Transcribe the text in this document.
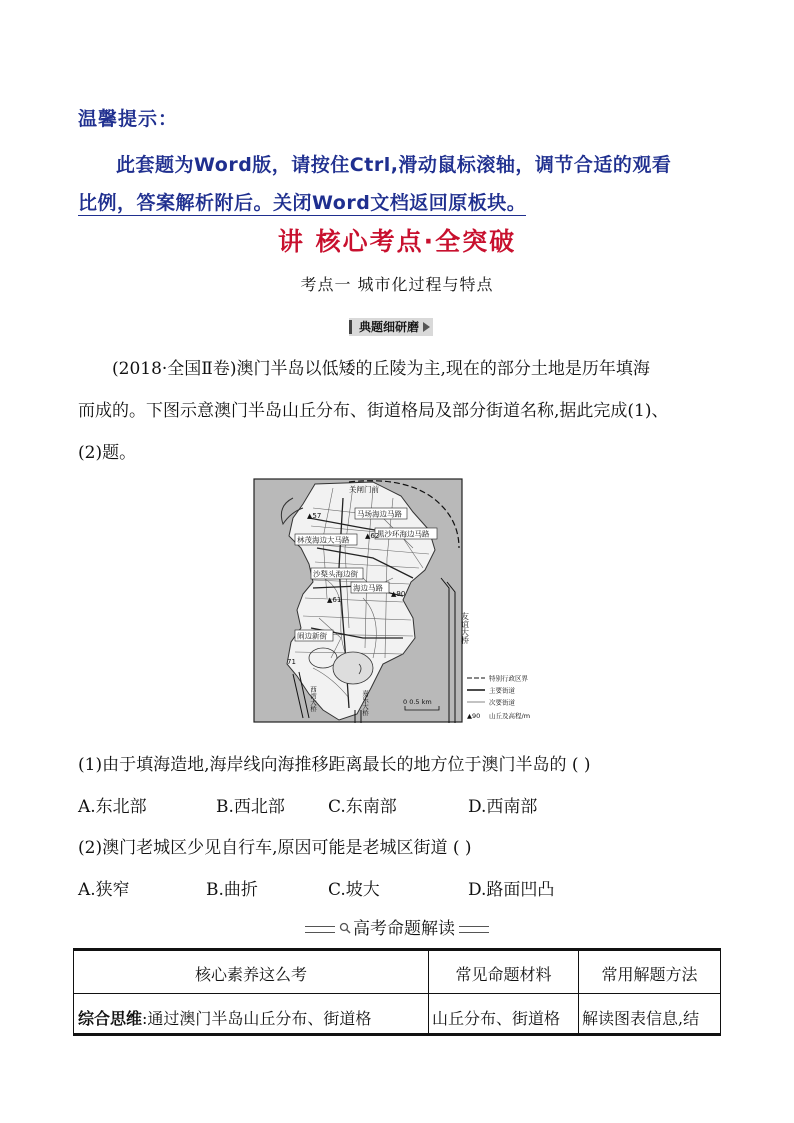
温馨提示：
此套题为Word版，请按住Ctrl,滑动鼠标滚轴，调节合适的观看
比例，答案解析附后。关闭Word文档返回原板块。
讲 核心考点·全突破
考点一 城市化过程与特点
典题细研磨
(2018·全国Ⅱ卷)澳门半岛以低矮的丘陵为主,现在的部分土地是历年填海
而成的。下图示意澳门半岛山丘分布、街道格局及部分街道名称,据此完成(1)、
(2)题。
关闸门前
马场海边马路
黑沙环海边马路
林茂海边大马路
沙梨头海边街
海边马路
闹边新街
▲57
▲62
▲90
▲61
71
友谊大桥
西湾大桥	嘉乐大桥	0 0.5 km
特别行政区界
主要街道
次要街道
▲90 山丘及高程/m
(1)由于填海造地,海岸线向海推移距离最长的地方位于澳门半岛的 ( )
A.东北部	B.西北部	C.东南部	D.西南部
(2)澳门老城区少见自行车,原因可能是老城区街道 ( )
A.狭窄	B.曲折	C.坡大	D.路面凹凸
高考命题解读
核心素养这么考	常见命题材料	常用解题方法
综合思维:通过澳门半岛山丘分布、街道格	山丘分布、街道格	解读图表信息,结
